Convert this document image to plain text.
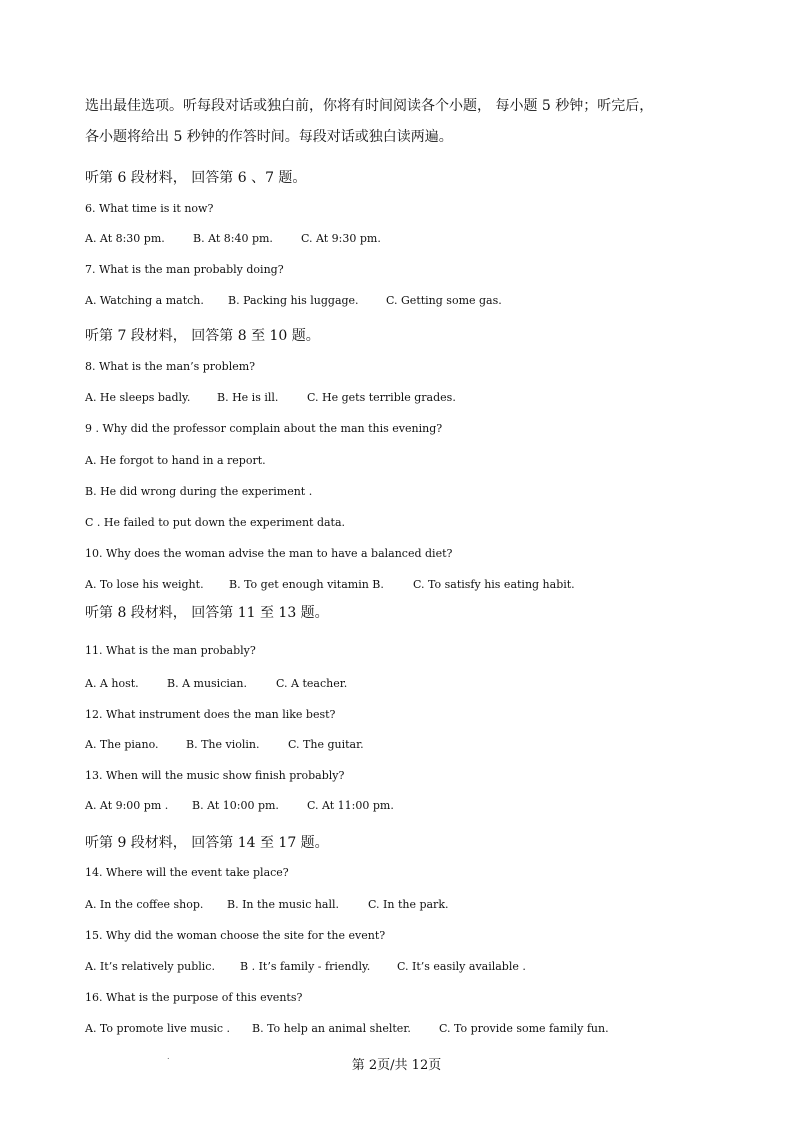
选出最佳选项。听每段对话或独白前，你将有时间阅读各个小题， 每小题 5 秒钟；听完后，
各小题将给出 5 秒钟的作答时间。每段对话或独白读两遍。
听第 6 段材料， 回答第 6 、7 题。
6. What time is it now?
A. At 8:30 pm.	B. At 8:40 pm.	C. At 9:30 pm.
7. What is the man probably doing?
A. Watching a match. B. Packing his luggage. C. Getting some gas.
听第 7 段材料， 回答第 8 至 10 题。
8. What is the man’s problem?
A. He sleeps badly. B. He is ill.	C. He gets terrible grades.
9 . Why did the professor complain about the man this evening?
A. He forgot to hand in a report.
B. He did wrong during the experiment .
C . He failed to put down the experiment data.
10. Why does the woman advise the man to have a balanced diet?
A. To lose his weight. B. To get enough vitamin B.	C. To satisfy his eating habit.
听第 8 段材料， 回答第 11 至 13 题。
11. What is the man probably?
A. A host.	B. A musician.	C. A teacher.
12. What instrument does the man like best?
A. The piano.	B. The violin.	C. The guitar.
13. When will the music show finish probably?
A. At 9:00 pm . B. At 10:00 pm.	C. At 11:00 pm.
听第 9 段材料， 回答第 14 至 17 题。
14. Where will the event take place?
A. In the coffee shop. B. In the music hall.	C. In the park.
15. Why did the woman choose the site for the event?
A. It’s relatively public. B . It’s family - friendly. C. It’s easily available .
16. What is the purpose of this events?
A. To promote live music . B. To help an animal shelter.	C. To provide some family fun.
.
第 2页/共 12页
